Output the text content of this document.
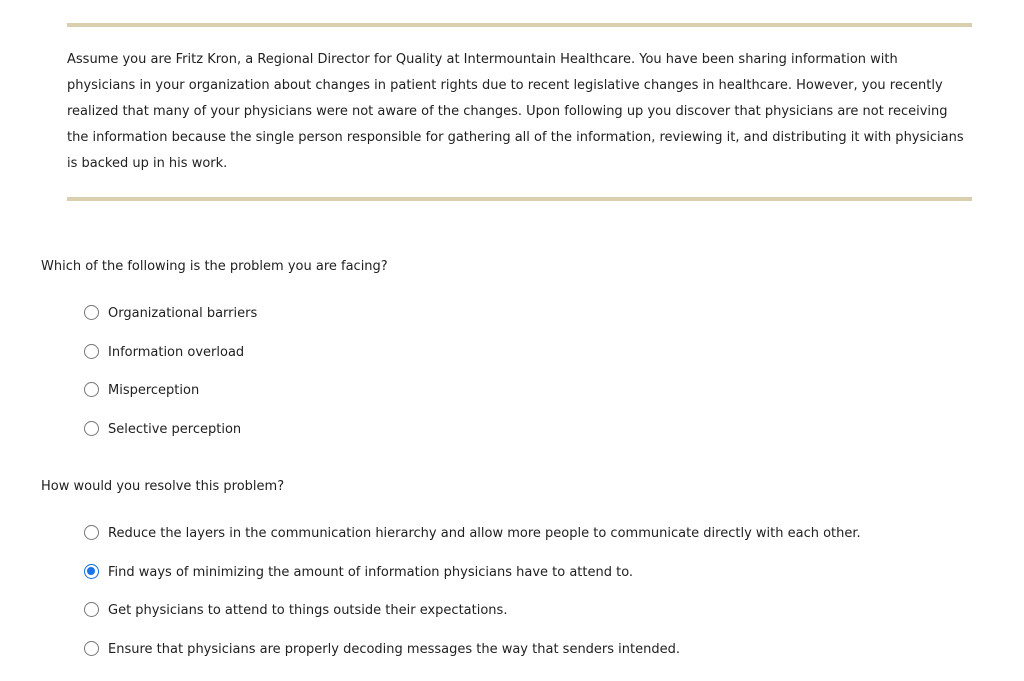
Assume you are Fritz Kron, a Regional Director for Quality at Intermountain Healthcare. You have been sharing information with physicians in your organization about changes in patient rights due to recent legislative changes in healthcare. However, you recently realized that many of your physicians were not aware of the changes. Upon following up you discover that physicians are not receiving the information because the single person responsible for gathering all of the information, reviewing it, and distributing it with physicians is backed up in his work.

Which of the following is the problem you are facing?

Organizational barriers
Information overload
Misperception
Selective perception

How would you resolve this problem?

Reduce the layers in the communication hierarchy and allow more people to communicate directly with each other.
Find ways of minimizing the amount of information physicians have to attend to.
Get physicians to attend to things outside their expectations.
Ensure that physicians are properly decoding messages the way that senders intended.
